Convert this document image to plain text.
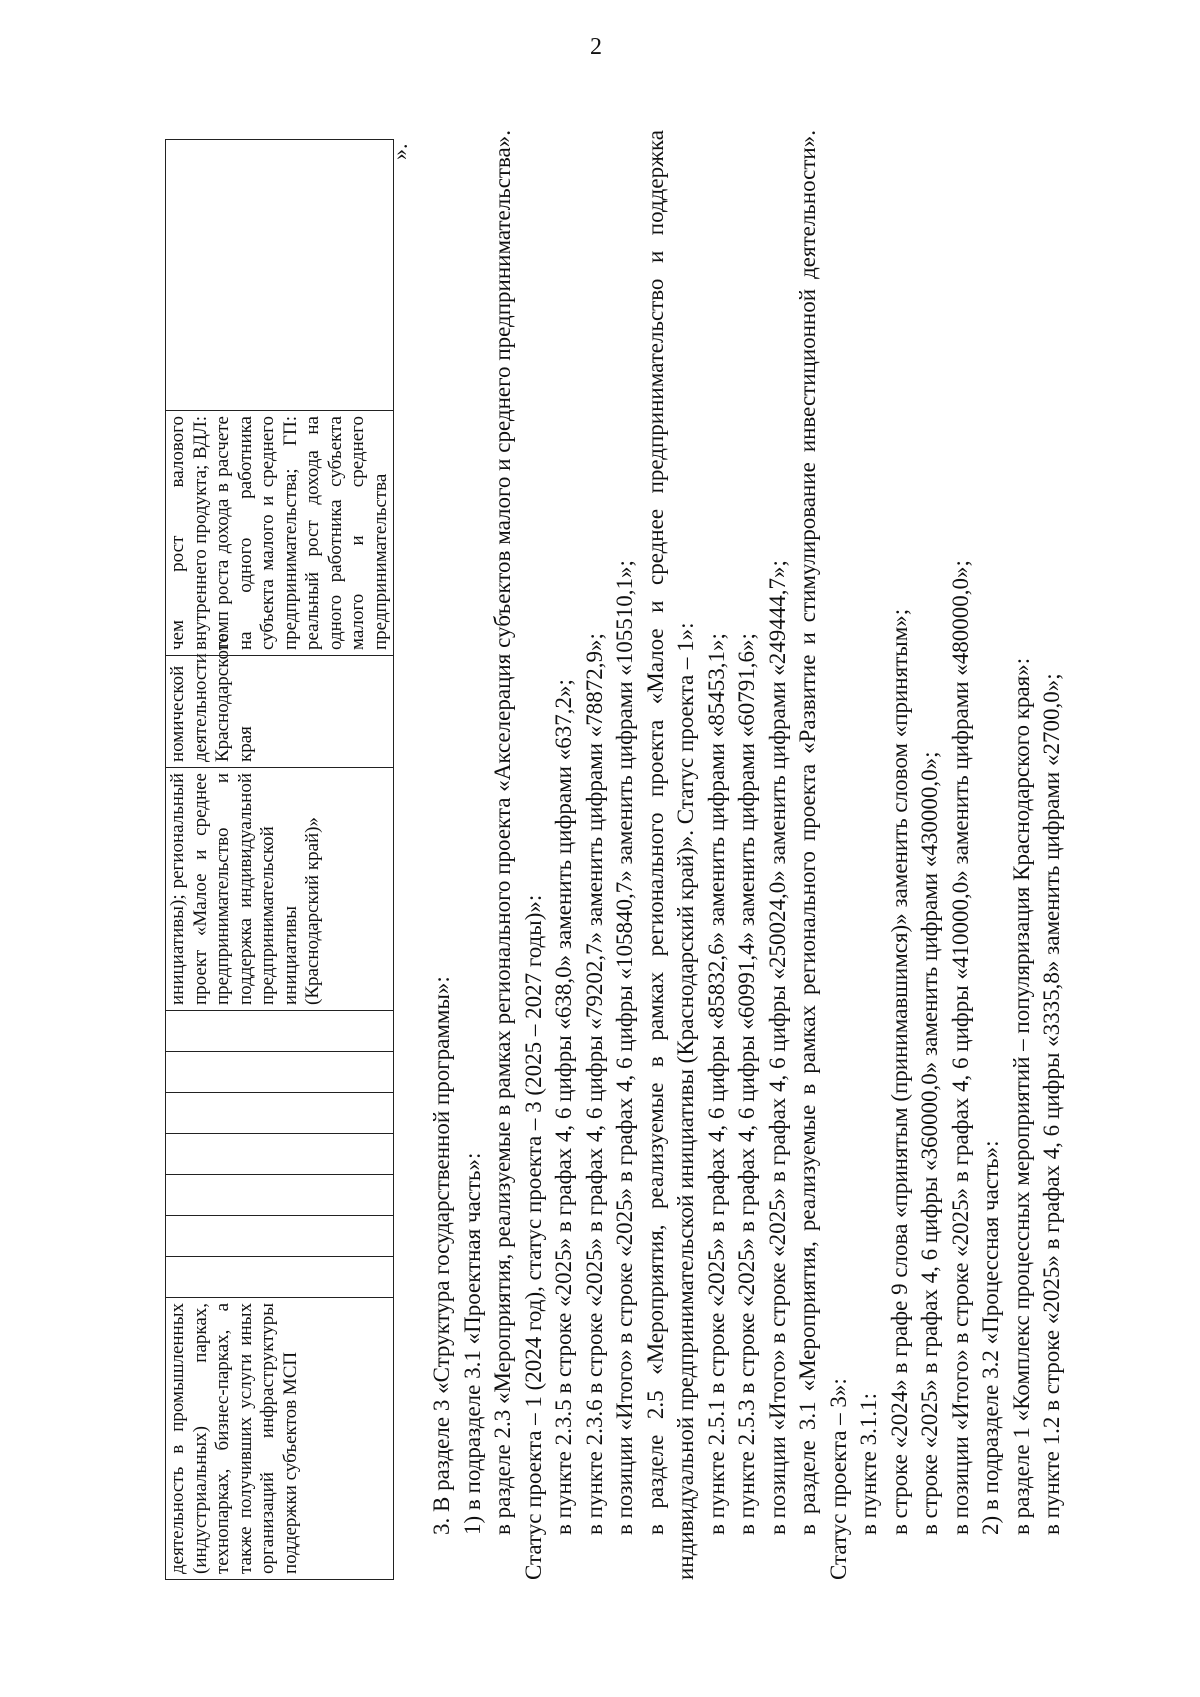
2
деятельность в промышленных (индустриальных) парках, технопарках, бизнес-парках, а также получивших услуги иных организаций инфраструктуры поддержки субъектов МСП								инициативы); региональный проект «Малое и среднее предпринимательство и поддержка индивидуальной предпринимательской инициативы (Краснодарский край)»	номической деятельности Краснодарского края	чем рост валового внутреннего продукта; ВДЛ: темп роста дохода в расчете на одного работника субъекта малого и среднего предпринимательства; ГП: реальный рост дохода на одного работника субъекта малого и среднего предпринимательства	
».

3. В разделе 3 «Структура государственной программы»: 1) в подразделе 3.1 «Проектная часть»: в разделе 2.3 «Мероприятия, реализуемые в рамках регионального проекта «Акселерация субъектов малого и среднего предпринимательства». Статус проекта – 1 (2024 год), статус проекта – 3 (2025 – 2027 годы)»: в пункте 2.3.5 в строке «2025» в графах 4, 6 цифры «638,0» заменить цифрами «637,2»; в пункте 2.3.6 в строке «2025» в графах 4, 6 цифры «79202,7» заменить цифрами «78872,9»; в позиции «Итого» в строке «2025» в графах 4, 6 цифры «105840,7» заменить цифрами «105510,1»; в разделе 2.5 «Мероприятия, реализуемые в рамках регионального проекта «Малое и среднее предпринимательство и поддержка индивидуальной предпринимательской инициативы (Краснодарский край)». Статус проекта – 1»: в пункте 2.5.1 в строке «2025» в графах 4, 6 цифры «85832,6» заменить цифрами «85453,1»; в пункте 2.5.3 в строке «2025» в графах 4, 6 цифры «60991,4» заменить цифрами «60791,6»; в позиции «Итого» в строке «2025» в графах 4, 6 цифры «250024,0» заменить цифрами «249444,7»; в разделе 3.1 «Мероприятия, реализуемые в рамках регионального проекта «Развитие и стимулирование инвестиционной деятельности». Статус проекта – 3»: в пункте 3.1.1: в строке «2024» в графе 9 слова «принятым (принимавшимся)» заменить словом «принятым»; в строке «2025» в графах 4, 6 цифры «360000,0» заменить цифрами «430000,0»; в позиции «Итого» в строке «2025» в графах 4, 6 цифры «410000,0» заменить цифрами «480000,0»; 2) в подразделе 3.2 «Процессная часть»: в разделе 1 «Комплекс процессных мероприятий – популяризация Краснодарского края»: в пункте 1.2 в строке «2025» в графах 4, 6 цифры «3335,8» заменить цифрами «2700,0»;
